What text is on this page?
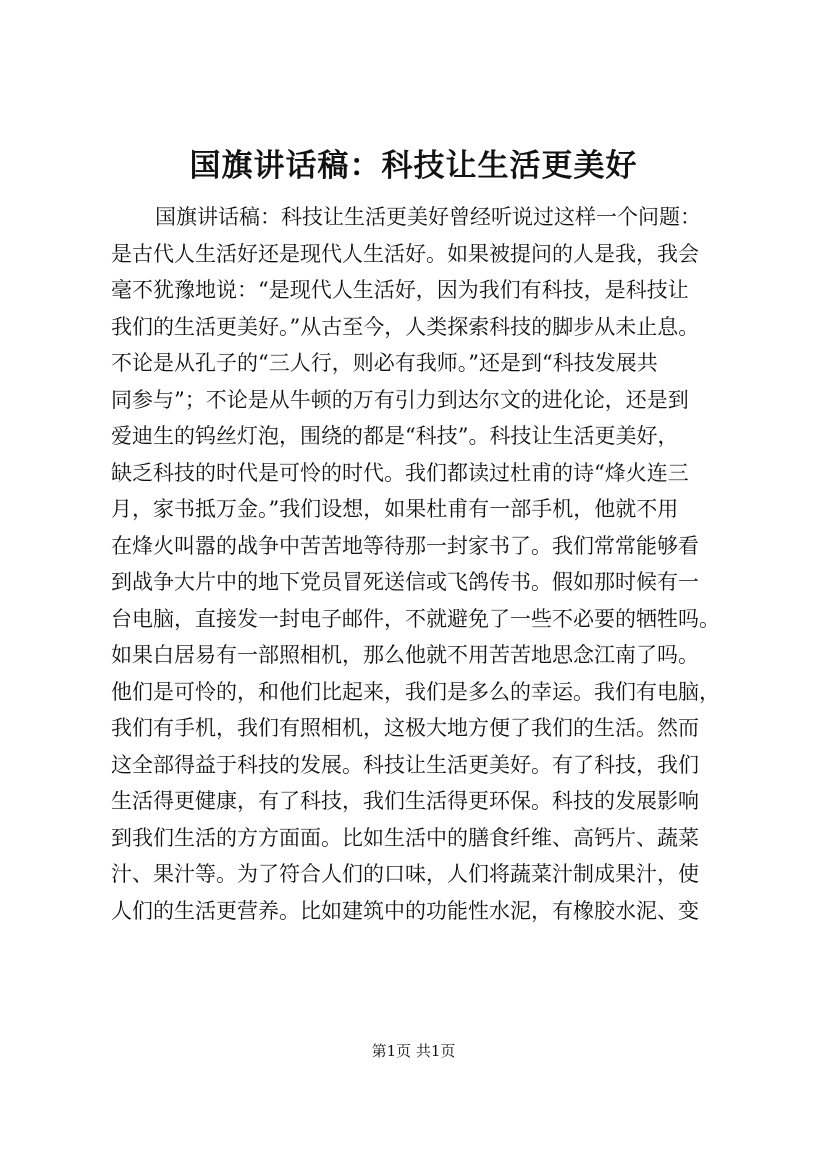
国旗讲话稿：科技让生活更美好
国旗讲话稿：科技让生活更美好曾经听说过这样一个问题：
是古代人生活好还是现代人生活好。如果被提问的人是我，我会
毫不犹豫地说：“是现代人生活好，因为我们有科技，是科技让
我们的生活更美好。”从古至今，人类探索科技的脚步从未止息。
不论是从孔子的“三人行，则必有我师。”还是到“科技发展共
同参与”；不论是从牛顿的万有引力到达尔文的进化论，还是到
爱迪生的钨丝灯泡，围绕的都是“科技”。科技让生活更美好，
缺乏科技的时代是可怜的时代。我们都读过杜甫的诗“烽火连三
月，家书抵万金。”我们设想，如果杜甫有一部手机，他就不用
在烽火叫嚣的战争中苦苦地等待那一封家书了。我们常常能够看
到战争大片中的地下党员冒死送信或飞鸽传书。假如那时候有一
台电脑，直接发一封电子邮件，不就避免了一些不必要的牺牲吗。
如果白居易有一部照相机，那么他就不用苦苦地思念江南了吗。
他们是可怜的，和他们比起来，我们是多么的幸运。我们有电脑，
我们有手机，我们有照相机，这极大地方便了我们的生活。然而
这全部得益于科技的发展。科技让生活更美好。有了科技，我们
生活得更健康，有了科技，我们生活得更环保。科技的发展影响
到我们生活的方方面面。比如生活中的膳食纤维、高钙片、蔬菜
汁、果汁等。为了符合人们的口味，人们将蔬菜汁制成果汁，使
人们的生活更营养。比如建筑中的功能性水泥，有橡胶水泥、变
第1页 共1页
